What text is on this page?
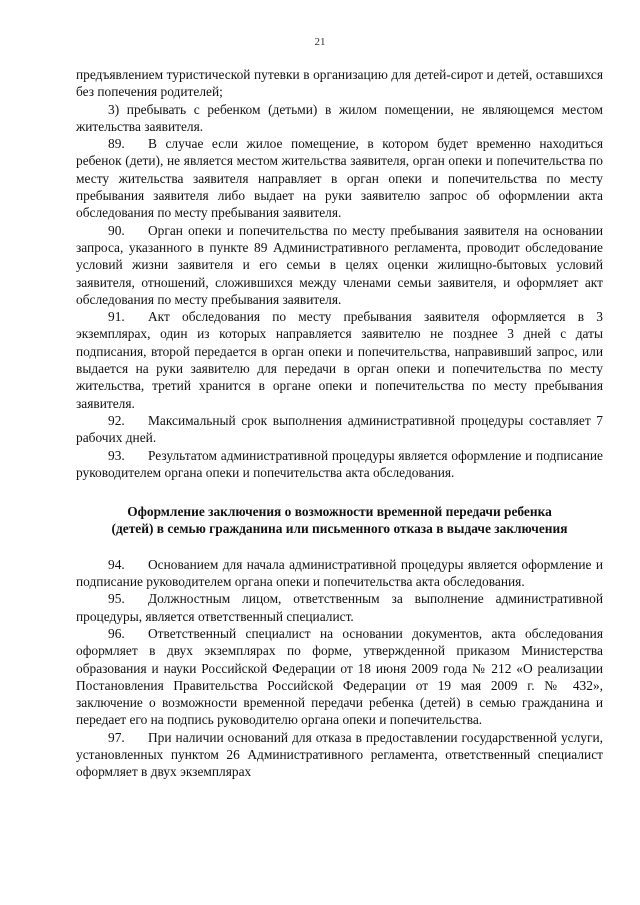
21

предъявлением туристической путевки в организацию для детей-сирот и детей, оставшихся без попечения родителей;

3) пребывать с ребенком (детьми) в жилом помещении, не являющемся местом жительства заявителя.

89. В случае если жилое помещение, в котором будет временно находиться ребенок (дети), не является местом жительства заявителя, орган опеки и попечительства по месту жительства заявителя направляет в орган опеки и попечительства по месту пребывания заявителя либо выдает на руки заявителю запрос об оформлении акта обследования по месту пребывания заявителя.

90. Орган опеки и попечительства по месту пребывания заявителя на основании запроса, указанного в пункте 89 Административного регламента, проводит обследование условий жизни заявителя и его семьи в целях оценки жилищно-бытовых условий заявителя, отношений, сложившихся между членами семьи заявителя, и оформляет акт обследования по месту пребывания заявителя.

91. Акт обследования по месту пребывания заявителя оформляется в 3 экземплярах, один из которых направляется заявителю не позднее 3 дней с даты подписания, второй передается в орган опеки и попечительства, направивший запрос, или выдается на руки заявителю для передачи в орган опеки и попечительства по месту жительства, третий хранится в органе опеки и попечительства по месту пребывания заявителя.

92. Максимальный срок выполнения административной процедуры составляет 7 рабочих дней.

93. Результатом административной процедуры является оформление и подписание руководителем органа опеки и попечительства акта обследования.

Оформление заключения о возможности временной передачи ребенка
(детей) в семью гражданина или письменного отказа в выдаче заключения

94. Основанием для начала административной процедуры является оформление и подписание руководителем органа опеки и попечительства акта обследования.

95. Должностным лицом, ответственным за выполнение административной процедуры, является ответственный специалист.

96. Ответственный специалист на основании документов, акта обследования оформляет в двух экземплярах по форме, утвержденной приказом Министерства образования и науки Российской Федерации от 18 июня 2009 года № 212 «О реализации Постановления Правительства Российской Федерации от 19 мая 2009 г. № 432», заключение о возможности временной передачи ребенка (детей) в семью гражданина и передает его на подпись руководителю органа опеки и попечительства.

97. При наличии оснований для отказа в предоставлении государственной услуги, установленных пунктом 26 Административного регламента, ответственный специалист оформляет в двух экземплярах
